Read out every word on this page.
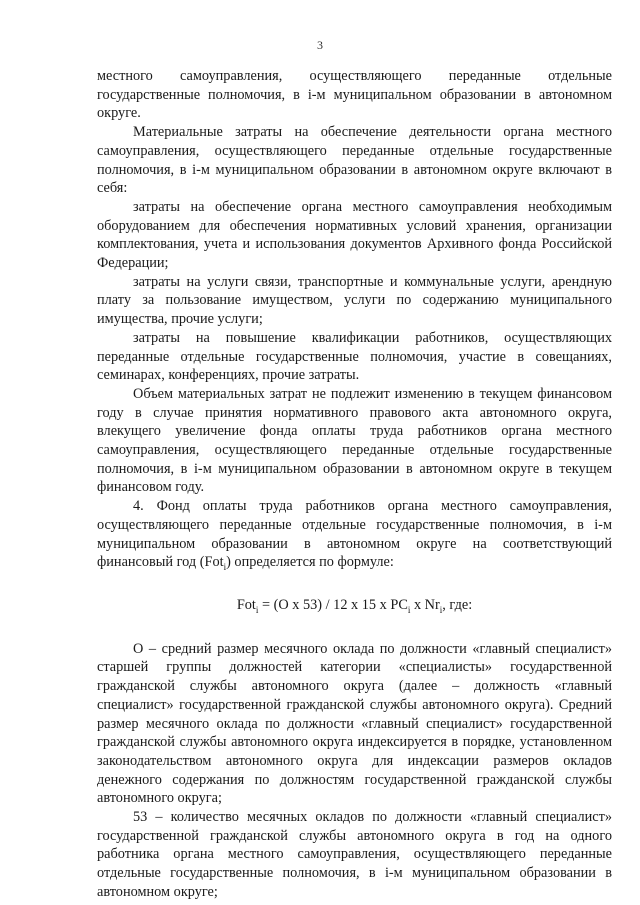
3

местного самоуправления, осуществляющего переданные отдельные государственные полномочия, в i-м муниципальном образовании в автономном округе.

Материальные затраты на обеспечение деятельности органа местного самоуправления, осуществляющего переданные отдельные государственные полномочия, в i-м муниципальном образовании в автономном округе включают в себя:

затраты на обеспечение органа местного самоуправления необходимым оборудованием для обеспечения нормативных условий хранения, организации комплектования, учета и использования документов Архивного фонда Российской Федерации;

затраты на услуги связи, транспортные и коммунальные услуги, арендную плату за пользование имуществом, услуги по содержанию муниципального имущества, прочие услуги;

затраты на повышение квалификации работников, осуществляющих переданные отдельные государственные полномочия, участие в совещаниях, семинарах, конференциях, прочие затраты.

Объем материальных затрат не подлежит изменению в текущем финансовом году в случае принятия нормативного правового акта автономного округа, влекущего увеличение фонда оплаты труда работников органа местного самоуправления, осуществляющего переданные отдельные государственные полномочия, в i-м муниципальном образовании в автономном округе в текущем финансовом году.

4. Фонд оплаты труда работников органа местного самоуправления, осуществляющего переданные отдельные государственные полномочия, в i-м муниципальном образовании в автономном округе на соответствующий финансовый год (Fot$_i$) определяется по формуле:

Fot$_i$ = (O x 53) / 12 x 15 x $PC_i$ x $Nr_i$, где:

О – средний размер месячного оклада по должности «главный специалист» старшей группы должностей категории «специалисты» государственной гражданской службы автономного округа (далее – должность «главный специалист» государственной гражданской службы автономного округа). Средний размер месячного оклада по должности «главный специалист» государственной гражданской службы автономного округа индексируется в порядке, установленном законодательством автономного округа для индексации размеров окладов денежного содержания по должностям государственной гражданской службы автономного округа;

53 – количество месячных окладов по должности «главный специалист» государственной гражданской службы автономного округа в год на одного работника органа местного самоуправления, осуществляющего переданные отдельные государственные полномочия, в i-м муниципальном образовании в автономном округе;
